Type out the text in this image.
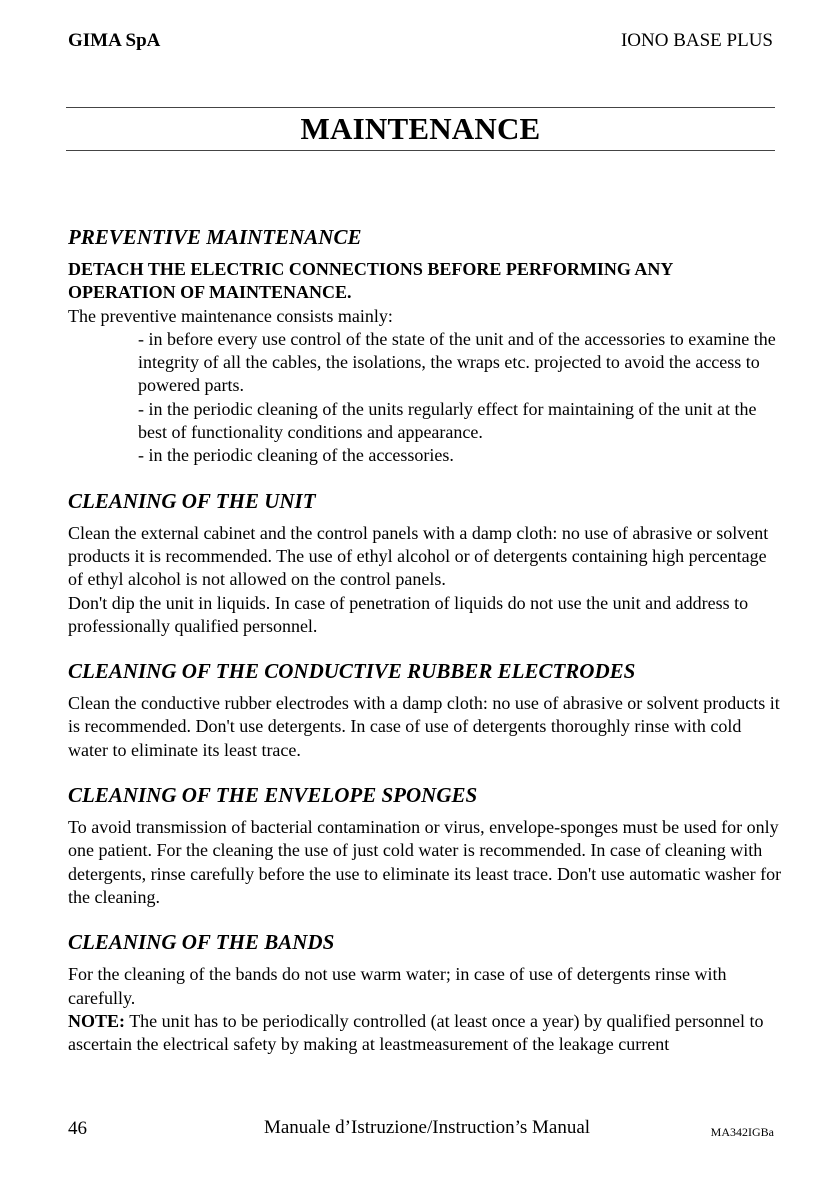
GIMA SpA	IONO BASE PLUS
MAINTENANCE
PREVENTIVE MAINTENANCE

DETACH THE ELECTRIC CONNECTIONS BEFORE PERFORMING ANY OPERATION OF MAINTENANCE.

The preventive maintenance consists mainly:

- in before every use control of the state of the unit and of the accessories to examine the integrity of all the cables, the isolations, the wraps etc. projected to avoid the access to powered parts.

- in the periodic cleaning of the units regularly effect for maintaining of the unit at the best of functionality conditions and appearance.

- in the periodic cleaning of the accessories.

CLEANING OF THE UNIT

Clean the external cabinet and the control panels with a damp cloth: no use of abrasive or solvent products it is recommended. The use of ethyl alcohol or of detergents containing high percentage of ethyl alcohol is not allowed on the control panels.

Don't dip the unit in liquids. In case of penetration of liquids do not use the unit and address to professionally qualified personnel.

CLEANING OF THE CONDUCTIVE RUBBER ELECTRODES

Clean the conductive rubber electrodes with a damp cloth: no use of abrasive or solvent products it is recommended. Don't use detergents. In case of use of detergents thoroughly rinse with cold water to eliminate its least trace.

CLEANING OF THE ENVELOPE SPONGES

To avoid transmission of bacterial contamination or virus, envelope-sponges must be used for only one patient. For the cleaning the use of just cold water is recommended. In case of cleaning with detergents, rinse carefully before the use to eliminate its least trace. Don't use automatic washer for the cleaning.

CLEANING OF THE BANDS

For the cleaning of the bands do not use warm water; in case of use of detergents rinse with carefully.

NOTE: The unit has to be periodically controlled (at least once a year) by qualified personnel to ascertain the electrical safety by making at leastmeasurement of the leakage current

46	Manuale d’Istruzione/Instruction’s Manual	MA342IGBa
